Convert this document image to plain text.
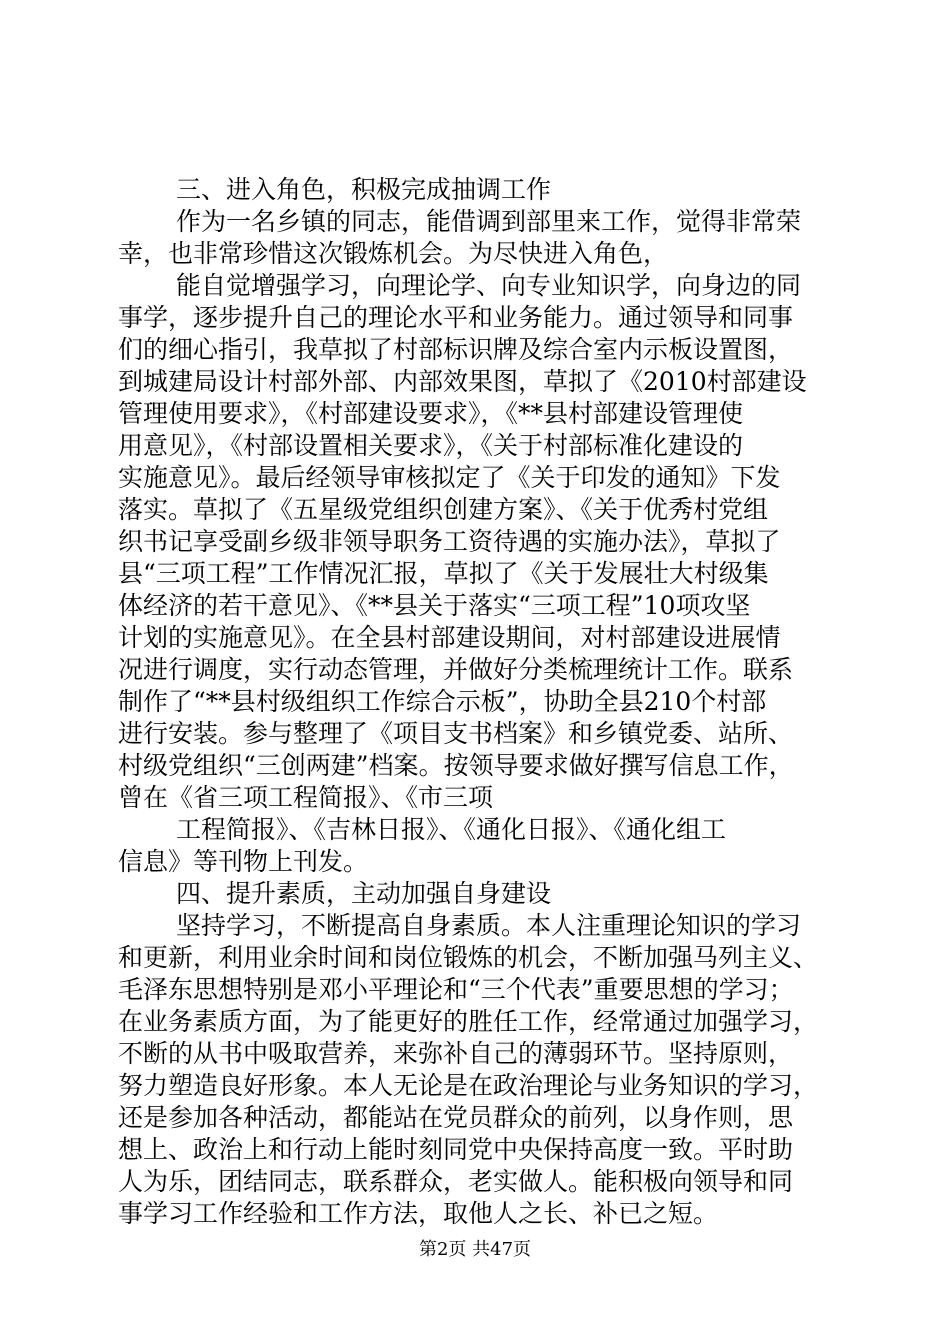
三、进入角色，积极完成抽调工作
作为一名乡镇的同志，能借调到部里来工作，觉得非常荣
幸，也非常珍惜这次锻炼机会。为尽快进入角色，
能自觉增强学习，向理论学、向专业知识学，向身边的同
事学，逐步提升自己的理论水平和业务能力。通过领导和同事
们的细心指引，我草拟了村部标识牌及综合室内示板设置图，
到城建局设计村部外部、内部效果图，草拟了《2010村部建设
管理使用要求》，《村部建设要求》，《**县村部建设管理使
用意见》，《村部设置相关要求》，《关于村部标准化建设的
实施意见》。最后经领导审核拟定了《关于印发的通知》下发
落实。草拟了《五星级党组织创建方案》、《关于优秀村党组
织书记享受副乡级非领导职务工资待遇的实施办法》，草拟了
县“三项工程”工作情况汇报，草拟了《关于发展壮大村级集
体经济的若干意见》、《**县关于落实“三项工程”10项攻坚
计划的实施意见》。在全县村部建设期间，对村部建设进展情
况进行调度，实行动态管理，并做好分类梳理统计工作。联系
制作了“**县村级组织工作综合示板”，协助全县210个村部
进行安装。参与整理了《项目支书档案》和乡镇党委、站所、
村级党组织“三创两建”档案。按领导要求做好撰写信息工作，
曾在《省三项工程简报》、《市三项
工程简报》、《吉林日报》、《通化日报》、《通化组工
信息》等刊物上刊发。
四、提升素质，主动加强自身建设
坚持学习，不断提高自身素质。本人注重理论知识的学习
和更新，利用业余时间和岗位锻炼的机会，不断加强马列主义、
毛泽东思想特别是邓小平理论和“三个代表”重要思想的学习；
在业务素质方面，为了能更好的胜任工作，经常通过加强学习，
不断的从书中吸取营养，来弥补自己的薄弱环节。坚持原则，
努力塑造良好形象。本人无论是在政治理论与业务知识的学习，
还是参加各种活动，都能站在党员群众的前列，以身作则，思
想上、政治上和行动上能时刻同党中央保持高度一致。平时助
人为乐，团结同志，联系群众，老实做人。能积极向领导和同
事学习工作经验和工作方法，取他人之长、补已之短。
第2页 共47页
